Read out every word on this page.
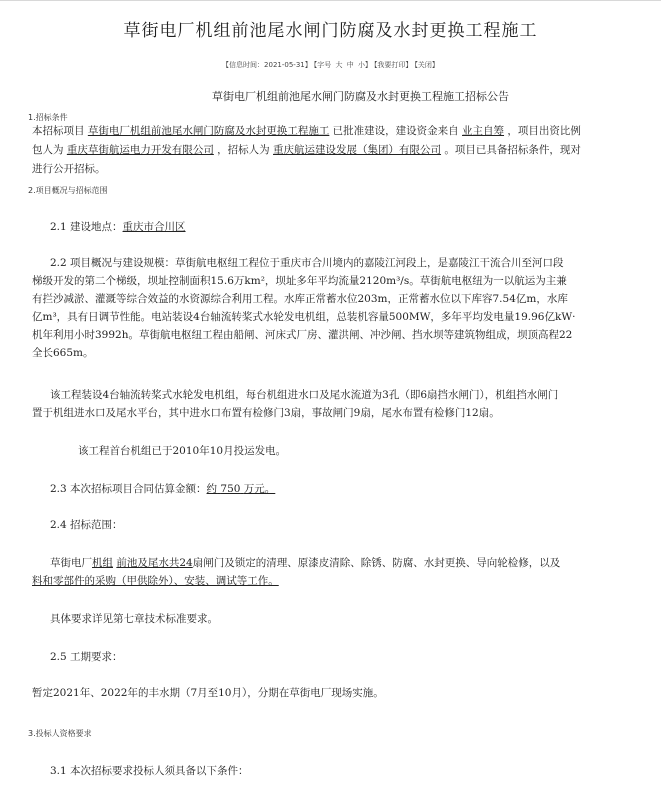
草街电厂机组前池尾水闸门防腐及水封更换工程施工
【信息时间：2021-05-31】 【字号 大 中 小】 【我要打印】 【关闭】
草街电厂机组前池尾水闸门防腐及水封更换工程施工招标公告
1.招标条件
本招标项目 草街电厂机组前池尾水闸门防腐及水封更换工程施工 已批准建设，建设资金来自 业主自筹 ，项目出资比例
包人为 重庆草街航运电力开发有限公司 ，招标人为 重庆航运建设发展（集团）有限公司 。项目已具备招标条件，现对
进行公开招标。
2.项目概况与招标范围
2.1 建设地点：重庆市合川区
2.2 项目概况与建设规模：草街航电枢纽工程位于重庆市合川境内的嘉陵江河段上，是嘉陵江干流合川至河口段
梯级开发的第二个梯级，坝址控制面积15.6万km²，坝址多年平均流量2120m³/s。草街航电枢纽为一以航运为主兼
有拦沙减淤、灌溉等综合效益的水资源综合利用工程。水库正常蓄水位203m，正常蓄水位以下库容7.54亿m，水库
亿m³，具有日调节性能。电站装设4台轴流转桨式水轮发电机组，总装机容量500MW，多年平均发电量19.96亿kW·
机年利用小时3992h。草街航电枢纽工程由船闸、河床式厂房、灌洪闸、冲沙闸、挡水坝等建筑物组成，坝顶高程22
全长665m。
该工程装设4台轴流转桨式水轮发电机组，每台机组进水口及尾水流道为3孔（即6扇挡水闸门），机组挡水闸门
置于机组进水口及尾水平台，其中进水口布置有检修门3扇，事故闸门9扇，尾水布置有检修门12扇。
该工程首台机组已于2010年10月投运发电。
2.3 本次招标项目合同估算金额：约 750 万元。
2.4 招标范围：
草街电厂机组 前池及尾水共24扇闸门及锁定的清理、原漆皮清除、除锈、防腐、水封更换、导向轮检修，以及
料和零部件的采购（甲供除外）、安装、调试等工作。
具体要求详见第七章技术标准要求。
2.5 工期要求：
暂定2021年、2022年的丰水期（7月至10月），分期在草街电厂现场实施。
3.投标人资格要求
3.1 本次招标要求投标人须具备以下条件：
